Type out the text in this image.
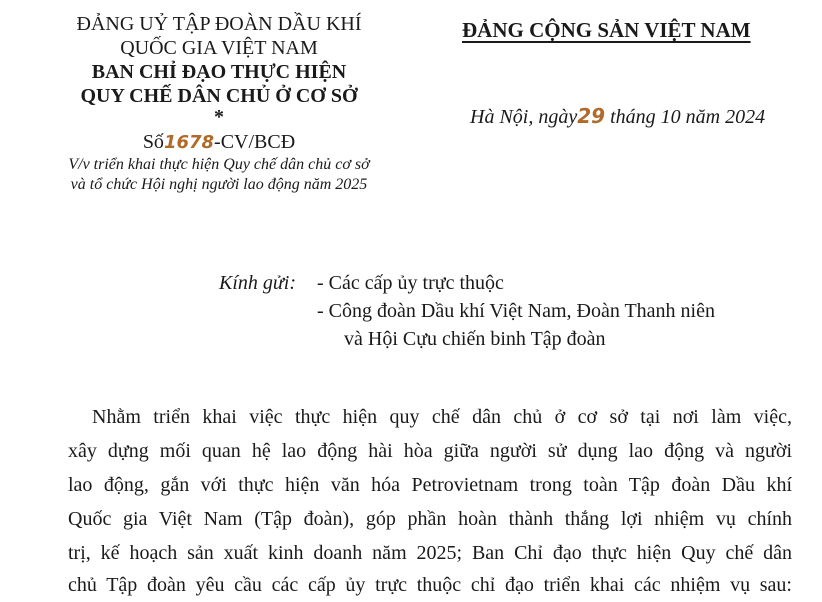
ĐẢNG UỶ TẬP ĐOÀN DẦU KHÍ
QUỐC GIA VIỆT NAM
BAN CHỈ ĐẠO THỰC HIỆN
QUY CHẾ DÂN CHỦ Ở CƠ SỞ
*
Số1678-CV/BCĐ
V/v triển khai thực hiện Quy chế dân chủ cơ sở
và tổ chức Hội nghị người lao động năm 2025
ĐẢNG CỘNG SẢN VIỆT NAM
Hà Nội, ngày29 tháng 10 năm 2024
Kính gửi: - Các cấp ủy trực thuộc
- Công đoàn Dầu khí Việt Nam, Đoàn Thanh niên
và Hội Cựu chiến binh Tập đoàn
Nhằm triển khai việc thực hiện quy chế dân chủ ở cơ sở tại nơi làm việc,
xây dựng mối quan hệ lao động hài hòa giữa người sử dụng lao động và người
lao động, gắn với thực hiện văn hóa Petrovietnam trong toàn Tập đoàn Dầu khí
Quốc gia Việt Nam (Tập đoàn), góp phần hoàn thành thắng lợi nhiệm vụ chính
trị, kế hoạch sản xuất kinh doanh năm 2025; Ban Chỉ đạo thực hiện Quy chế dân
chủ Tập đoàn yêu cầu các cấp ủy trực thuộc chỉ đạo triển khai các nhiệm vụ sau:
